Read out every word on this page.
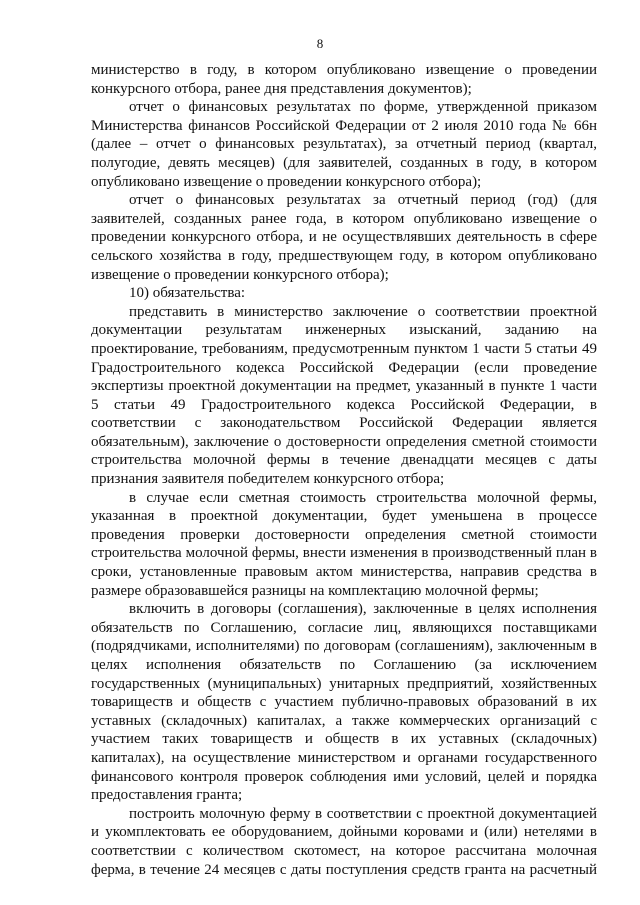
8

министерство в году, в котором опубликовано извещение о проведении конкурсного отбора, ранее дня представления документов);

отчет о финансовых результатах по форме, утвержденной приказом Министерства финансов Российской Федерации от 2 июля 2010 года № 66н (далее – отчет о финансовых результатах), за отчетный период (квартал, полугодие, девять месяцев) (для заявителей, созданных в году, в котором опубликовано извещение о проведении конкурсного отбора);

отчет о финансовых результатах за отчетный период (год) (для заявителей, созданных ранее года, в котором опубликовано извещение о проведении конкурсного отбора, и не осуществлявших деятельность в сфере сельского хозяйства в году, предшествующем году, в котором опубликовано извещение о проведении конкурсного отбора);

10) обязательства:

представить в министерство заключение о соответствии проектной документации результатам инженерных изысканий, заданию на проектирование, требованиям, предусмотренным пунктом 1 части 5 статьи 49 Градостроительного кодекса Российской Федерации (если проведение экспертизы проектной документации на предмет, указанный в пункте 1 части 5 статьи 49 Градостроительного кодекса Российской Федерации, в соответствии с законодательством Российской Федерации является обязательным), заключение о достоверности определения сметной стоимости строительства молочной фермы в течение двенадцати месяцев с даты признания заявителя победителем конкурсного отбора;

в случае если сметная стоимость строительства молочной фермы, указанная в проектной документации, будет уменьшена в процессе проведения проверки достоверности определения сметной стоимости строительства молочной фермы, внести изменения в производственный план в сроки, установленные правовым актом министерства, направив средства в размере образовавшейся разницы на комплектацию молочной фермы;

включить в договоры (соглашения), заключенные в целях исполнения обязательств по Соглашению, согласие лиц, являющихся поставщиками (подрядчиками, исполнителями) по договорам (соглашениям), заключенным в целях исполнения обязательств по Соглашению (за исключением государственных (муниципальных) унитарных предприятий, хозяйственных товариществ и обществ с участием публично-правовых образований в их уставных (складочных) капиталах, а также коммерческих организаций с участием таких товариществ и обществ в их уставных (складочных) капиталах), на осуществление министерством и органами государственного финансового контроля проверок соблюдения ими условий, целей и порядка предоставления гранта;

построить молочную ферму в соответствии с проектной документацией и укомплектовать ее оборудованием, дойными коровами и (или) нетелями в соответствии с количеством скотомест, на которое рассчитана молочная ферма, в течение 24 месяцев с даты поступления средств гранта на расчетный
